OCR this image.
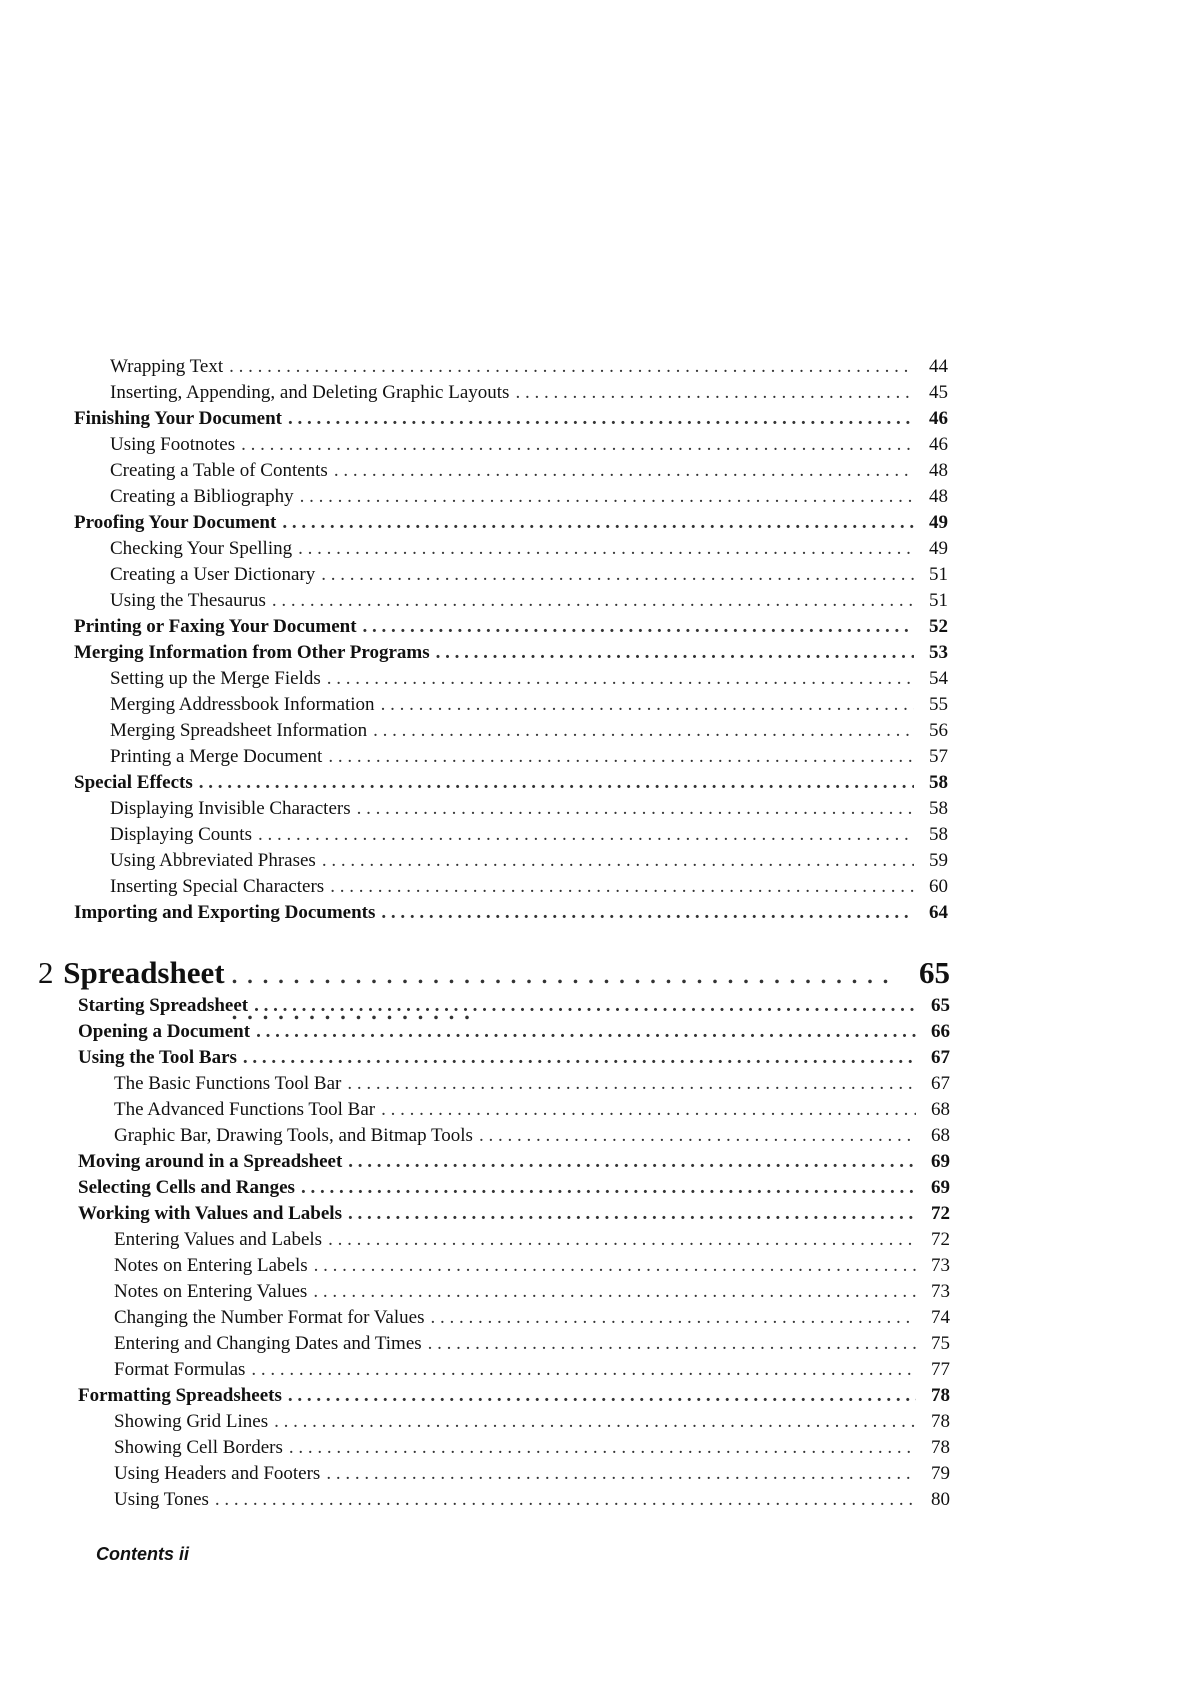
Wrapping Text . . .	44
Inserting, Appending, and Deleting Graphic Layouts . . .	45
Finishing Your Document . . .	46
Using Footnotes . . .	46
Creating a Table of Contents . . .	48
Creating a Bibliography . . .	48
Proofing Your Document . . .	49
Checking Your Spelling . . .	49
Creating a User Dictionary . . .	51
Using the Thesaurus . . .	51
Printing or Faxing Your Document . . .	52
Merging Information from Other Programs . . .	53
Setting up the Merge Fields . . .	54
Merging Addressbook Information . . .	55
Merging Spreadsheet Information . . .	56
Printing a Merge Document . . .	57
Special Effects . . .	58
Displaying Invisible Characters . . .	58
Displaying Counts . . .	58
Using Abbreviated Phrases . . .	59
Inserting Special Characters . . .	60
Importing and Exporting Documents . . .	64
2 Spreadsheet . . .	65
Starting Spreadsheet . . .	65
Opening a Document . . .	66
Using the Tool Bars . . .	67
The Basic Functions Tool Bar . . .	67
The Advanced Functions Tool Bar . . .	68
Graphic Bar, Drawing Tools, and Bitmap Tools . . .	68
Moving around in a Spreadsheet . . .	69
Selecting Cells and Ranges . . .	69
Working with Values and Labels . . .	72
Entering Values and Labels . . .	72
Notes on Entering Labels . . .	73
Notes on Entering Values . . .	73
Changing the Number Format for Values . . .	74
Entering and Changing Dates and Times . . .	75
Format Formulas . . .	77
Formatting Spreadsheets . . .	78
Showing Grid Lines . . .	78
Showing Cell Borders . . .	78
Using Headers and Footers . . .	79
Using Tones . . .	80
Contents ii
